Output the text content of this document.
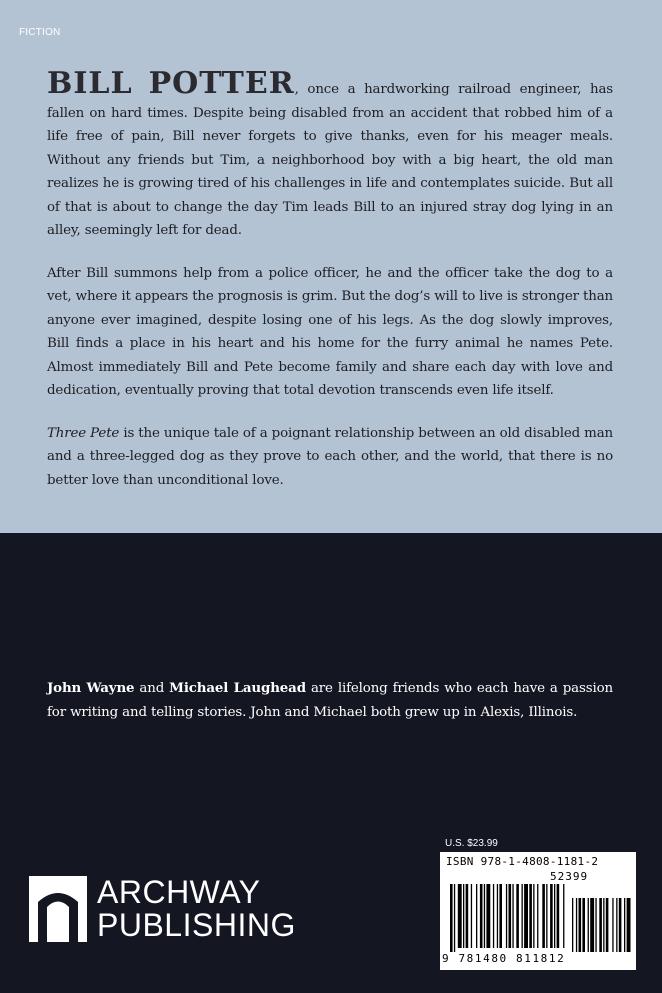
FICTION

BILL POTTER, once a hardworking railroad engineer, has fallen on hard times. Despite being disabled from an accident that robbed him of a life free of pain, Bill never forgets to give thanks, even for his meager meals. Without any friends but Tim, a neighborhood boy with a big heart, the old man realizes he is growing tired of his challenges in life and contemplates suicide. But all of that is about to change the day Tim leads Bill to an injured stray dog lying in an alley, seemingly left for dead.

After Bill summons help from a police officer, he and the officer take the dog to a vet, where it appears the prognosis is grim. But the dog’s will to live is stronger than anyone ever imagined, despite losing one of his legs. As the dog slowly improves, Bill finds a place in his heart and his home for the furry animal he names Pete. Almost immediately Bill and Pete become family and share each day with love and dedication, eventually proving that total devotion transcends even life itself.

Three Pete is the unique tale of a poignant relationship between an old disabled man and a three-legged dog as they prove to each other, and the world, that there is no better love than unconditional love.

John Wayne and Michael Laughead are lifelong friends who each have a passion for writing and telling stories. John and Michael both grew up in Alexis, Illinois.

ARCHWAY
PUBLISHING
U.S. $23.99
ISBN 978-1-4808-1181-2
52399
9 781480 811812
